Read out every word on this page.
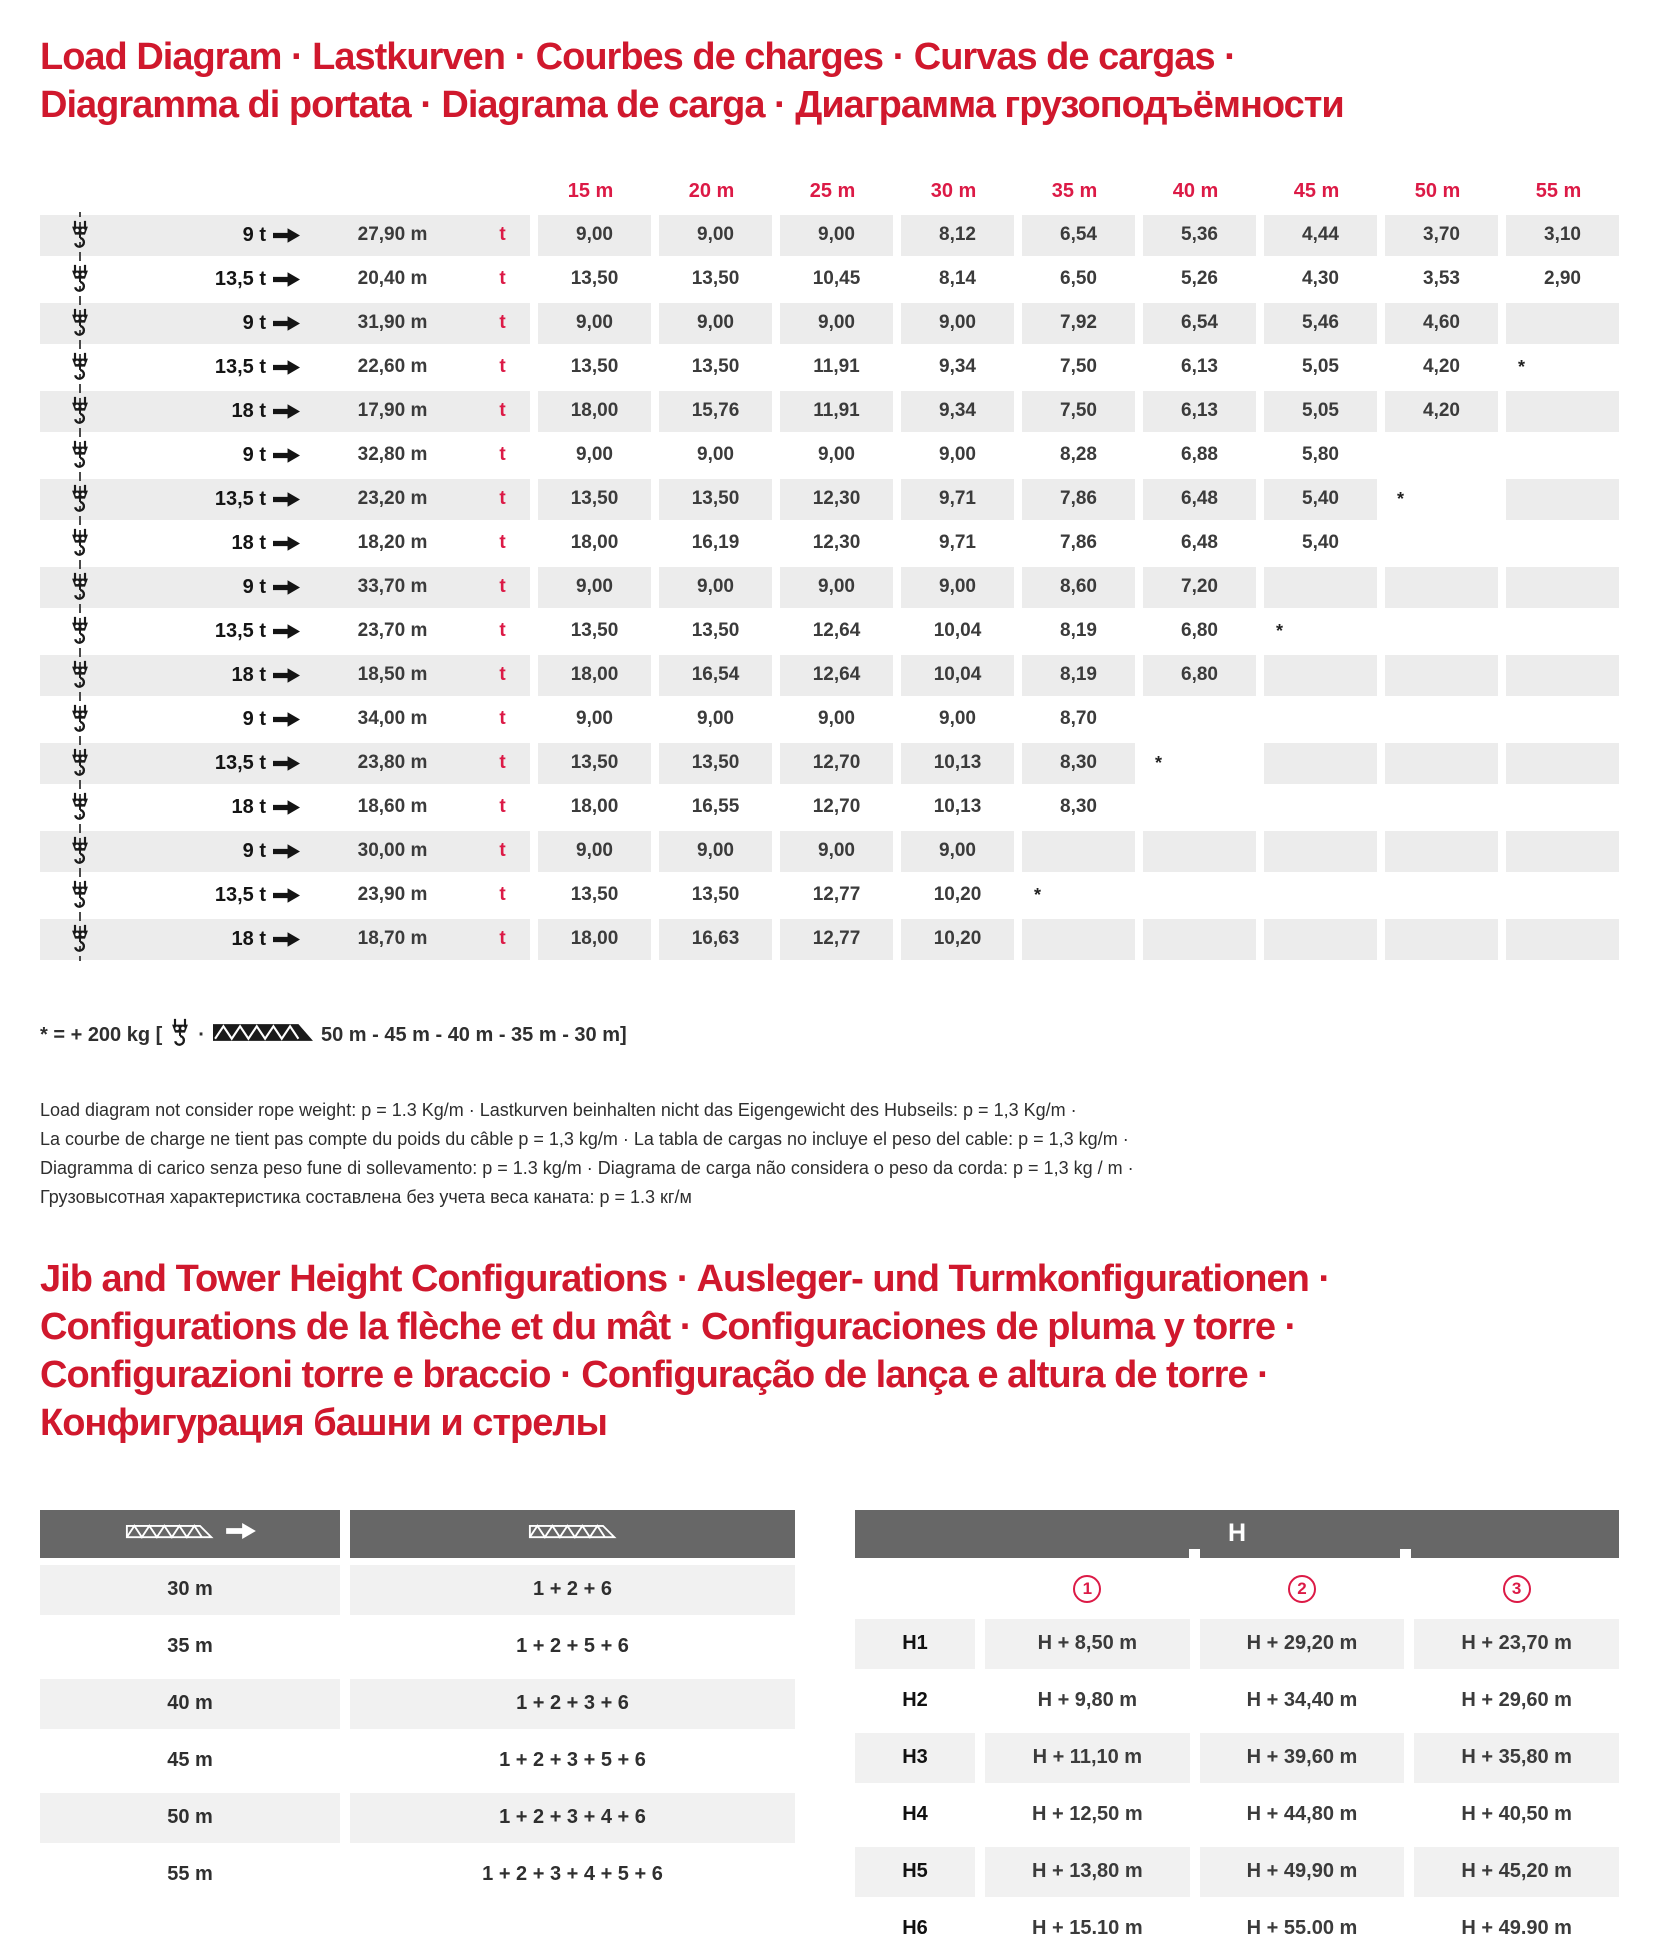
Load Diagram · Lastkurven · Courbes de charges · Curvas de cargas ·
Diagramma di portata · Diagrama de carga · Диаграмма грузоподъёмности
15 m	20 m	25 m	30 m	35 m	40 m	45 m	50 m	55 m
9 t	27,90 m	t	9,00	9,00	9,00	8,12	6,54	5,36	4,44	3,70	3,10
13,5 t	20,40 m	t	13,50	13,50	10,45	8,14	6,50	5,26	4,30	3,53	2,90
9 t	31,90 m	t	9,00	9,00	9,00	9,00	7,92	6,54	5,46	4,60
13,5 t	22,60 m	t	13,50	13,50	11,91	9,34	7,50	6,13	5,05	4,20	*
18 t	17,90 m	t	18,00	15,76	11,91	9,34	7,50	6,13	5,05	4,20
9 t	32,80 m	t	9,00	9,00	9,00	9,00	8,28	6,88	5,80
13,5 t	23,20 m	t	13,50	13,50	12,30	9,71	7,86	6,48	5,40	*
18 t	18,20 m	t	18,00	16,19	12,30	9,71	7,86	6,48	5,40
9 t	33,70 m	t	9,00	9,00	9,00	9,00	8,60	7,20
13,5 t	23,70 m	t	13,50	13,50	12,64	10,04	8,19	6,80	*
18 t	18,50 m	t	18,00	16,54	12,64	10,04	8,19	6,80
9 t	34,00 m	t	9,00	9,00	9,00	9,00	8,70
13,5 t	23,80 m	t	13,50	13,50	12,70	10,13	8,30	*
18 t	18,60 m	t	18,00	16,55	12,70	10,13	8,30
9 t	30,00 m	t	9,00	9,00	9,00	9,00
13,5 t	23,90 m	t	13,50	13,50	12,77	10,20	*
18 t	18,70 m	t	18,00	16,63	12,77	10,20
* = + 200 kg [ ·	50 m - 45 m - 40 m - 35 m - 30 m]
Load diagram not consider rope weight: p = 1.3 Kg/m · Lastkurven beinhalten nicht das Eigengewicht des Hubseils: p = 1,3 Kg/m ·
La courbe de charge ne tient pas compte du poids du câble p = 1,3 kg/m · La tabla de cargas no incluye el peso del cable: p = 1,3 kg/m ·
Diagramma di carico senza peso fune di sollevamento: p = 1.3 kg/m · Diagrama de carga não considera o peso da corda: p = 1,3 kg / m ·
Грузовысотная характеристика составлена без учета веса каната: p = 1.3 кг/м
Jib and Tower Height Configurations · Ausleger- und Turmkonfigurationen ·
Configurations de la flèche et du mât · Configuraciones de pluma y torre ·
Configurazioni torre e braccio · Configuração de lança e altura de torre ·
Конфигурация башни и стрелы
30 m	1 + 2 + 6
35 m	1 + 2 + 5 + 6
40 m	1 + 2 + 3 + 6
45 m	1 + 2 + 3 + 5 + 6
50 m	1 + 2 + 3 + 4 + 6
55 m	1 + 2 + 3 + 4 + 5 + 6
H
1	2	3
H1	H + 8,50 m	H + 29,20 m	H + 23,70 m
H2	H + 9,80 m	H + 34,40 m	H + 29,60 m
H3	H + 11,10 m	H + 39,60 m	H + 35,80 m
H4	H + 12,50 m	H + 44,80 m	H + 40,50 m
H5	H + 13,80 m	H + 49,90 m	H + 45,20 m
H6	H + 15.10 m	H + 55.00 m	H + 49.90 m
